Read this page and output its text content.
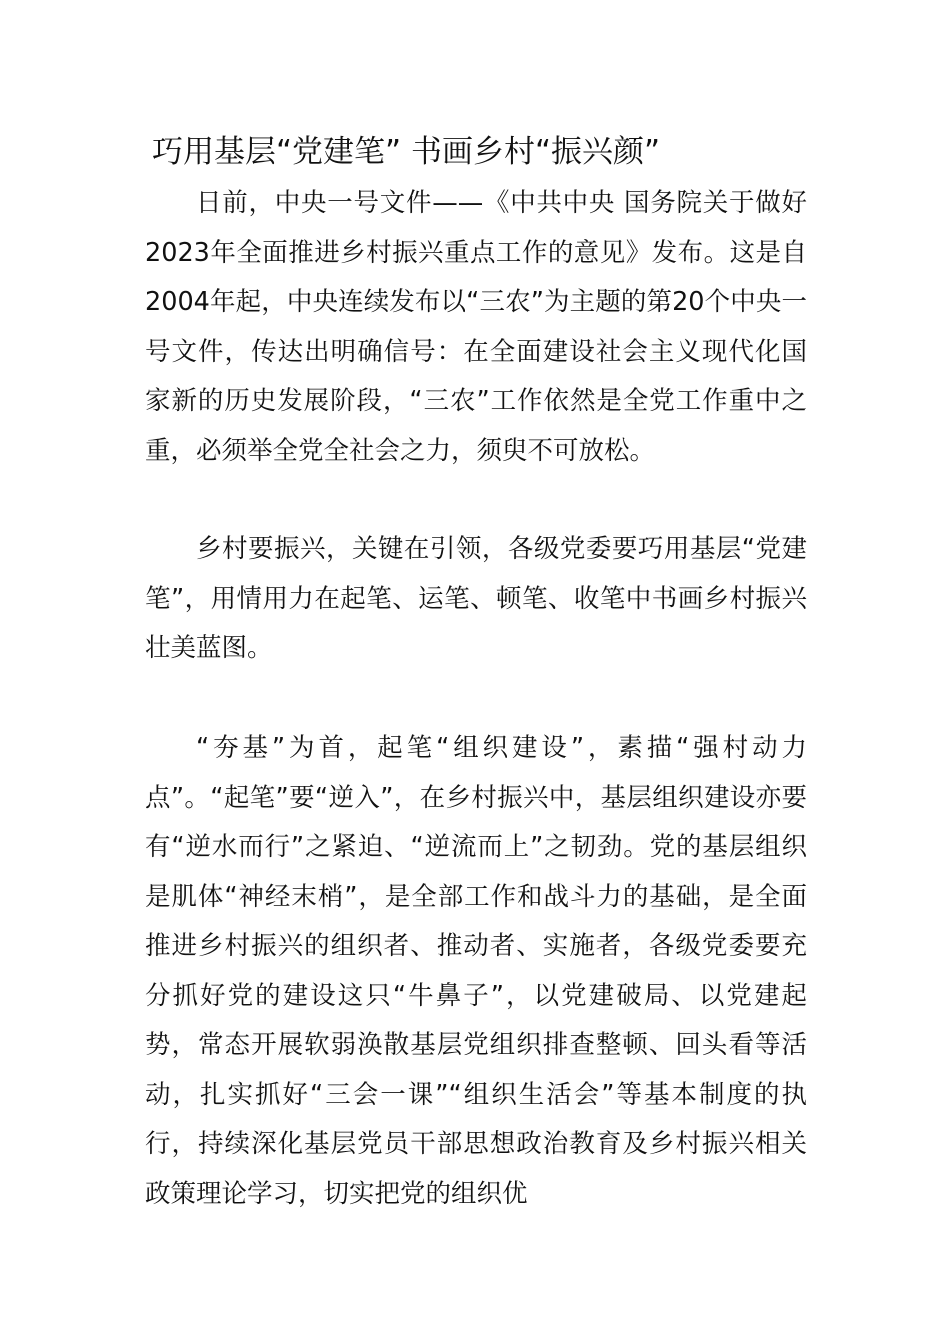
巧用基层“党建笔” 书画乡村“振兴颜”

日前，中央一号文件——《中共中央 国务院关于做好2023年全面推进乡村振兴重点工作的意见》发布。这是自2004年起，中央连续发布以“三农”为主题的第20个中央一号文件，传达出明确信号：在全面建设社会主义现代化国家新的历史发展阶段，“三农”工作依然是全党工作重中之重，必须举全党全社会之力，须臾不可放松。

乡村要振兴，关键在引领，各级党委要巧用基层“党建笔”，用情用力在起笔、运笔、顿笔、收笔中书画乡村振兴壮美蓝图。

“夯基”为首，起笔“组织建设”，素描“强村动力点”。“起笔”要“逆入”，在乡村振兴中，基层组织建设亦要有“逆水而行”之紧迫、“逆流而上”之韧劲。党的基层组织是肌体“神经末梢”，是全部工作和战斗力的基础，是全面推进乡村振兴的组织者、推动者、实施者，各级党委要充分抓好党的建设这只“牛鼻子”，以党建破局、以党建起势，常态开展软弱涣散基层党组织排查整顿、回头看等活动，扎实抓好“三会一课”“组织生活会”等基本制度的执行，持续深化基层党员干部思想政治教育及乡村振兴相关政策理论学习，切实把党的组织优
